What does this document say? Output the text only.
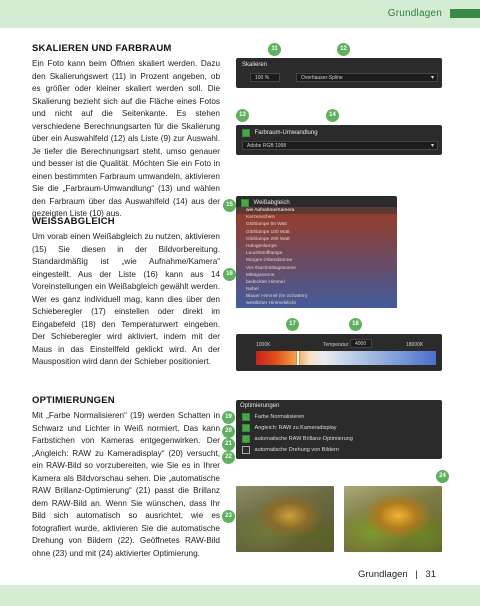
Grundlagen
Grundlagen | 31
SKALIEREN UND FARBRAUM
Ein Foto kann beim Öffnen skaliert werden. Dazu den Skalierungswert (11) in Prozent angeben, ob es größer oder kleiner skaliert werden soll. Die Skalierung bezieht sich auf die Fläche eines Fotos und nicht auf die Seitenkante. Es stehen verschiedene Berechnungsarten für die Skalierung über ein Auswahlfeld (12) als Liste (9) zur Auswahl. Je tiefer die Berechnungsart steht, umso genauer und besser ist die Qualität. Möchten Sie ein Foto in einen bestimmten Farbraum umwandeln, aktivieren Sie die „Farbraum-Umwandlung“ (13) und wählen den Farbraum über das Auswahlfeld (14) aus der gezeigten Liste (10) aus.
11	12
Skalieren
100 %	Overhauser-Spline	▾
13	14
Farbraum-Umwandlung
Adobe RGB 1998	▾
WEISSABGLEICH
Um vorab einen Weißabgleich zu nutzen, aktivieren (15) Sie diesen in der Bildvorbereitung. Standardmäßig ist „wie Aufnahme/Kamera“ eingestellt. Aus der Liste (16) kann aus 14 Voreinstellungen ein Weißabgleich gewählt werden. Wer es ganz individuell mag, kann dies über den Schieberegler (17) einstellen oder direkt im Eingabefeld (18) den Temperaturwert eingeben. Der Schieberegler wird aktiviert, indem mit der Maus in das Einstellfeld geklickt wird. An der Mausposition wird dann der Schieber positioniert.
15
16
Weißabgleich
wie Aufnahme/Kamera
Kerzenschein
Glühlampe 60 Watt
Glühlampe 100 Watt
Glühlampe 200 Watt
Halogenlampe
Leuchtstofflampe
Morgen-/Abendsonne
Vor-/Nachmittagssonne
Mittagssonne
bedeckter Himmel
Nebel
Blauer Himmel (im Schatten)
westlicher Himmelslicht
17	18
1000K	Temperatur	4000	18000K
OPTIMIERUNGEN
Mit „Farbe Normalisieren“ (19) werden Schatten in Schwarz und Lichter in Weiß normiert. Das kann Farbstichen von Kameras entgegenwirken. Der „Angleich: RAW zu Kameradisplay“ (20) versucht, ein RAW-Bild so vorzubereiten, wie Sie es in Ihrer Kamera als Bildvorschau sehen. Die „automatische RAW Brillanz-Optimierung“ (21) passt die Brillanz dem RAW-Bild an. Wenn Sie wünschen, dass Ihr Bild sich automatisch so ausrichtet, wie es fotografiert wurde, aktivieren Sie die automatische Drehung von Bildern (22). Geöffnetes RAW-Bild ohne (23) und mit (24) aktivierter Optimierung.
Optimierungen
Farbe Normalisieren
Angleich: RAW zu Kameradisplay
automatische RAW Brillanz-Optimierung
automatische Drehung von Bildern
19
20
21
22
23
24
